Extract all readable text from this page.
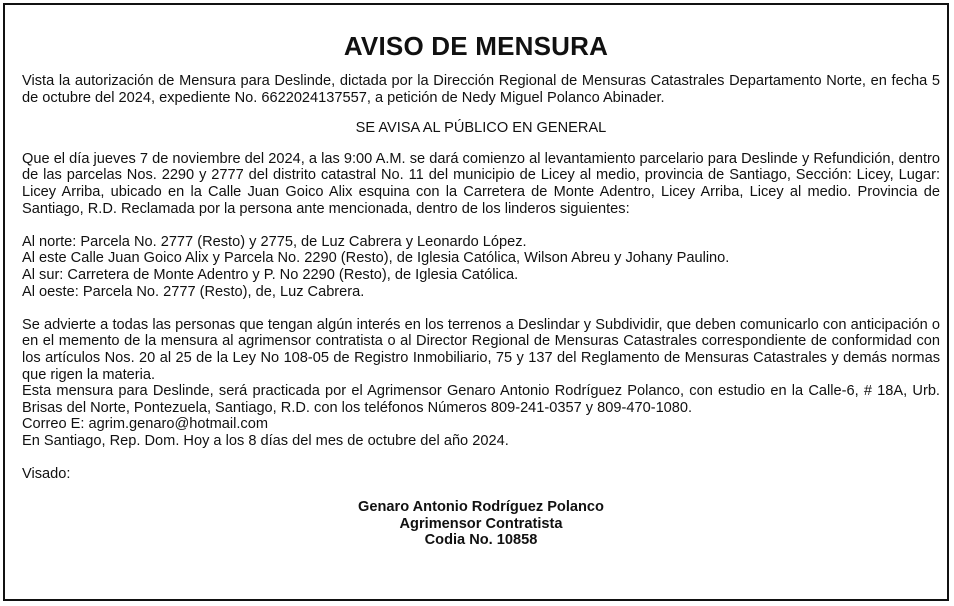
AVISO DE MENSURA

Vista la autorización de Mensura para Deslinde, dictada por la Dirección Regional de Mensuras Catastrales Departamento Norte, en fecha 5 de octubre del 2024, expediente No. 6622024137557, a petición de Nedy Miguel Polanco Abinader.

SE AVISA AL PÚBLICO EN GENERAL

Que el día jueves 7 de noviembre del 2024, a las 9:00 A.M. se dará comienzo al levantamiento parcelario para Deslinde y Refundición, dentro de las parcelas Nos. 2290 y 2777 del distrito catastral No. 11 del municipio de Licey al medio, provincia de Santiago, Sección: Licey, Lugar: Licey Arriba, ubicado en la Calle Juan Goico Alix esquina con la Carretera de Monte Adentro, Licey Arriba, Licey al medio. Provincia de Santiago, R.D. Reclamada por la persona ante mencionada, dentro de los linderos siguientes:

Al norte: Parcela No. 2777 (Resto) y 2775, de Luz Cabrera y Leonardo López.

Al este Calle Juan Goico Alix y Parcela No. 2290 (Resto), de Iglesia Católica, Wilson Abreu y Johany Paulino.

Al sur: Carretera de Monte Adentro y P. No 2290 (Resto), de Iglesia Católica.

Al oeste: Parcela No. 2777 (Resto), de, Luz Cabrera.

Se advierte a todas las personas que tengan algún interés en los terrenos a Deslindar y Subdividir, que deben comunicarlo con anticipación o en el memento de la mensura al agrimensor contratista o al Director Regional de Mensuras Catastrales correspondiente de conformidad con los artículos Nos. 20 al 25 de la Ley No 108-05 de Registro Inmobiliario, 75 y 137 del Reglamento de Mensuras Catastrales y demás normas que rigen la materia.

Esta mensura para Deslinde, será practicada por el Agrimensor Genaro Antonio Rodríguez Polanco, con estudio en la Calle-6, # 18A, Urb. Brisas del Norte, Pontezuela, Santiago, R.D. con los teléfonos Números 809-241-0357 y 809-470-1080.

Correo E: agrim.genaro@hotmail.com

En Santiago, Rep. Dom. Hoy a los 8 días del mes de octubre del año 2024.

Visado:

Genaro Antonio Rodríguez Polanco

Agrimensor Contratista

Codia No. 10858
